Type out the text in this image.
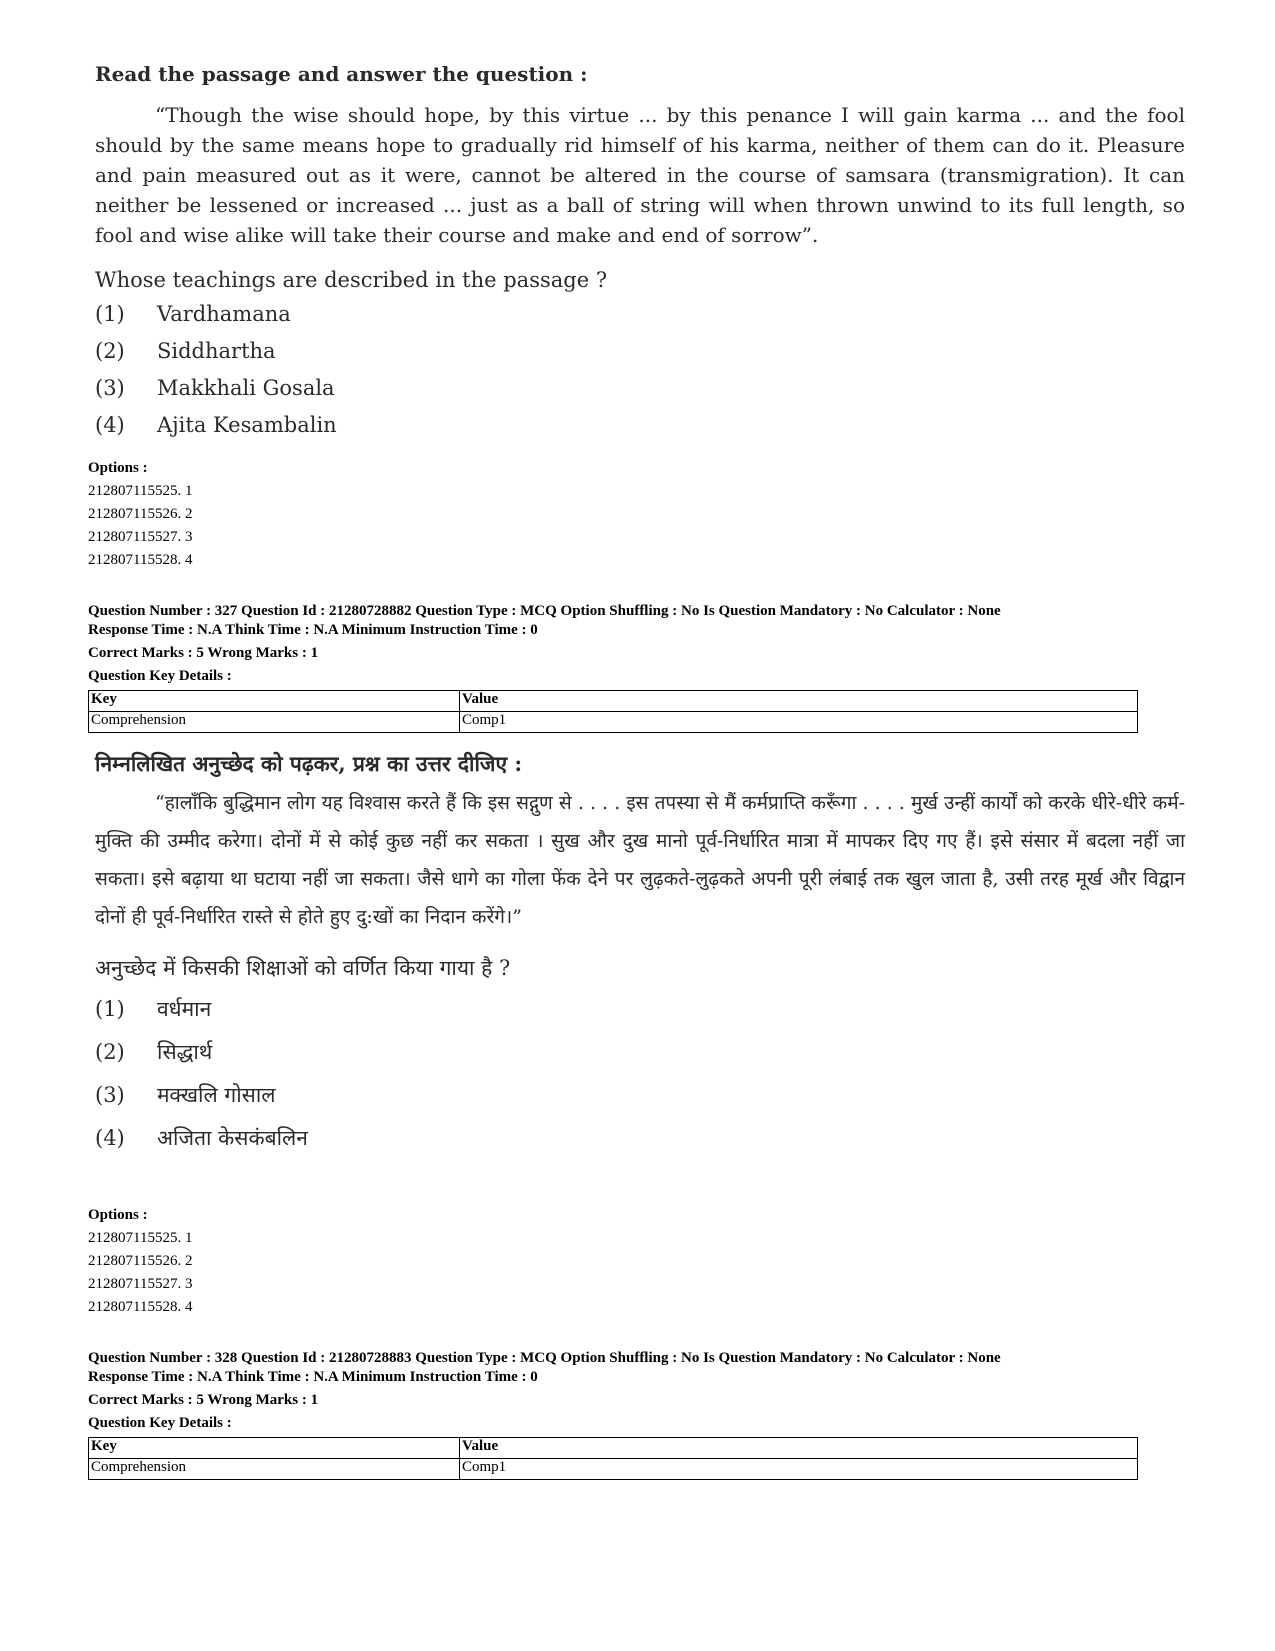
Read the passage and answer the question :
“Though the wise should hope, by this virtue ... by this penance I will gain karma ... and the fool should by the same means hope to gradually rid himself of his karma, neither of them can do it. Pleasure and pain measured out as it were, cannot be altered in the course of samsara (transmigration). It can neither be lessened or increased ... just as a ball of string will when thrown unwind to its full length, so fool and wise alike will take their course and make and end of sorrow”.
Whose teachings are described in the passage ?
(1)	Vardhamana
(2)	Siddhartha
(3)	Makkhali Gosala
(4)	Ajita Kesambalin
Options :
212807115525. 1
212807115526. 2
212807115527. 3
212807115528. 4
Question Number : 327 Question Id : 21280728882 Question Type : MCQ Option Shuffling : No Is Question Mandatory : No Calculator : None
Response Time : N.A Think Time : N.A Minimum Instruction Time : 0
Correct Marks : 5 Wrong Marks : 1
Question Key Details :
Key	Value
Comprehension	Comp1
निम्नलिखित अनुच्छेद को पढ़कर, प्रश्न का उत्तर दीजिए :
“हालाँकि बुद्धिमान लोग यह विश्वास करते हैं कि इस सद्गुण से . . . . इस तपस्या से मैं कर्मप्राप्ति करूँगा . . . . मुर्ख उन्हीं कार्यों को करके धीरे-धीरे कर्म-मुक्ति की उम्मीद करेगा। दोनों में से कोई कुछ नहीं कर सकता । सुख और दुख मानो पूर्व-निर्धारित मात्रा में मापकर दिए गए हैं। इसे संसार में बदला नहीं जा सकता। इसे बढ़ाया था घटाया नहीं जा सकता। जैसे धागे का गोला फेंक देने पर लुढ़कते-लुढ़कते अपनी पूरी लंबाई तक खुल जाता है, उसी तरह मूर्ख और विद्वान दोनों ही पूर्व-निर्धारित रास्ते से होते हुए दु:खों का निदान करेंगे।”
अनुच्छेद में किसकी शिक्षाओं को वर्णित किया गाया है ?
(1)	वर्धमान
(2)	सिद्धार्थ
(3)	मक्खलि गोसाल
(4)	अजिता केसकंबलिन
Options :
212807115525. 1
212807115526. 2
212807115527. 3
212807115528. 4
Question Number : 328 Question Id : 21280728883 Question Type : MCQ Option Shuffling : No Is Question Mandatory : No Calculator : None
Response Time : N.A Think Time : N.A Minimum Instruction Time : 0
Correct Marks : 5 Wrong Marks : 1
Question Key Details :
Key	Value
Comprehension	Comp1
